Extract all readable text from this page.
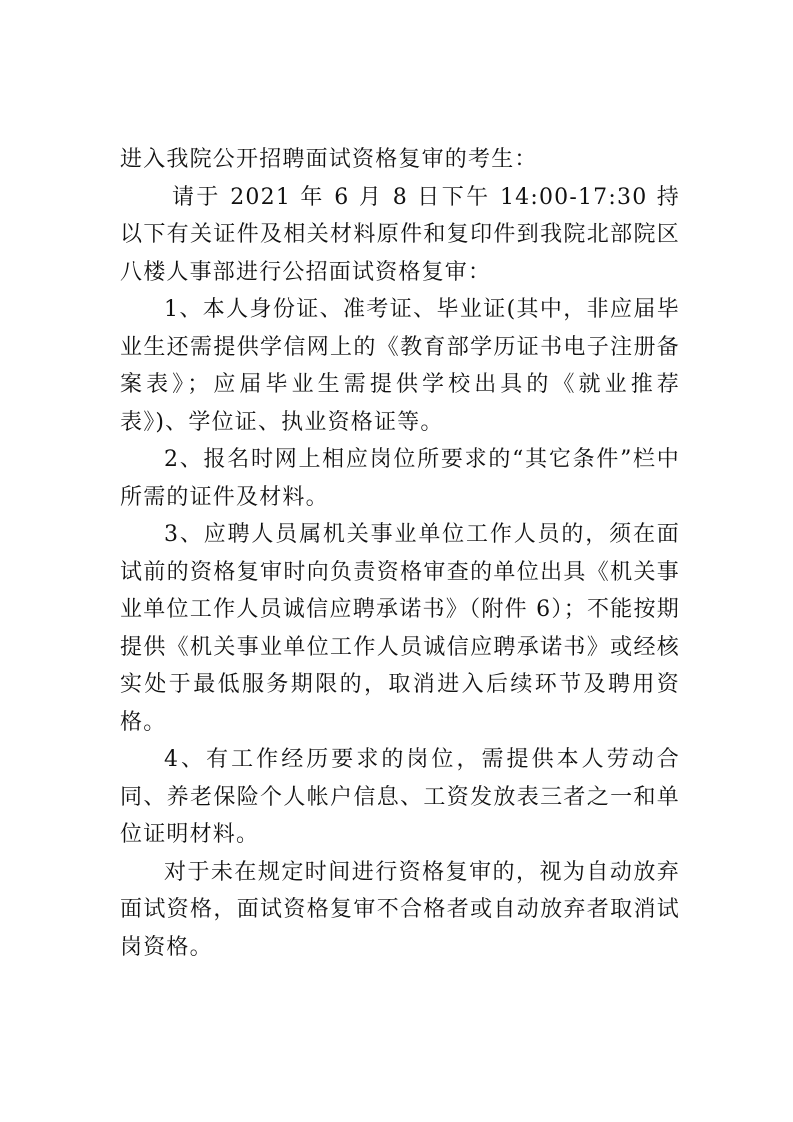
进入我院公开招聘面试资格复审的考生：

请于 2021 年 6 月 8 日下午 14:00-17:30 持以下有关证件及相关材料原件和复印件到我院北部院区八楼人事部进行公招面试资格复审：

1、本人身份证、准考证、毕业证(其中，非应届毕业生还需提供学信网上的《教育部学历证书电子注册备案表》；应届毕业生需提供学校出具的《就业推荐表》)、学位证、执业资格证等。

2、报名时网上相应岗位所要求的“其它条件”栏中所需的证件及材料。

3、应聘人员属机关事业单位工作人员的，须在面试前的资格复审时向负责资格审查的单位出具《机关事业单位工作人员诚信应聘承诺书》（附件 6）；不能按期提供《机关事业单位工作人员诚信应聘承诺书》或经核实处于最低服务期限的，取消进入后续环节及聘用资格。

4、有工作经历要求的岗位，需提供本人劳动合同、养老保险个人帐户信息、工资发放表三者之一和单位证明材料。

对于未在规定时间进行资格复审的，视为自动放弃面试资格，面试资格复审不合格者或自动放弃者取消试岗资格。
